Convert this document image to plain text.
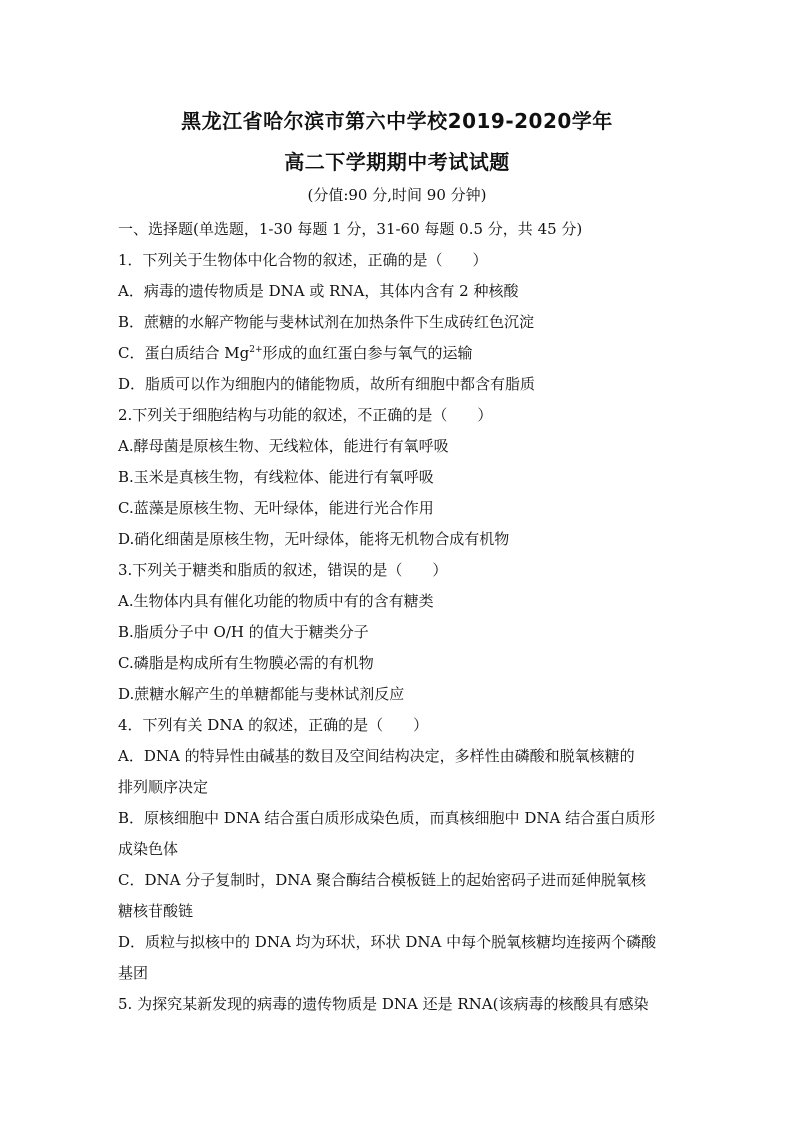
黑龙江省哈尔滨市第六中学校2019-2020学年
高二下学期期中考试试题
(分值:90 分,时间 90 分钟)
一、选择题(单选题，1-30 每题 1 分，31-60 每题 0.5 分，共 45 分)
1．下列关于生物体中化合物的叙述，正确的是（　　）
A．病毒的遗传物质是 DNA 或 RNA，其体内含有 2 种核酸
B．蔗糖的水解产物能与斐林试剂在加热条件下生成砖红色沉淀
C．蛋白质结合 $Mg^{2+}$形成的血红蛋白参与氧气的运输
D．脂质可以作为细胞内的储能物质，故所有细胞中都含有脂质
2.下列关于细胞结构与功能的叙述，不正确的是（　　）
A.酵母菌是原核生物、无线粒体，能进行有氧呼吸
B.玉米是真核生物，有线粒体、能进行有氧呼吸
C.蓝藻是原核生物、无叶绿体，能进行光合作用
D.硝化细菌是原核生物，无叶绿体，能将无机物合成有机物
3.下列关于糖类和脂质的叙述，错误的是（　　）
A.生物体内具有催化功能的物质中有的含有糖类
B.脂质分子中 O/H 的值大于糖类分子
C.磷脂是构成所有生物膜必需的有机物
D.蔗糖水解产生的单糖都能与斐林试剂反应
4．下列有关 DNA 的叙述，正确的是（　　）
A．DNA 的特异性由碱基的数目及空间结构决定，多样性由磷酸和脱氧核糖的
排列顺序决定
B．原核细胞中 DNA 结合蛋白质形成染色质，而真核细胞中 DNA 结合蛋白质形
成染色体
C．DNA 分子复制时，DNA 聚合酶结合模板链上的起始密码子进而延伸脱氧核
糖核苷酸链
D．质粒与拟核中的 DNA 均为环状，环状 DNA 中每个脱氧核糖均连接两个磷酸
基团
5. 为探究某新发现的病毒的遗传物质是 DNA 还是 RNA(该病毒的核酸具有感染
